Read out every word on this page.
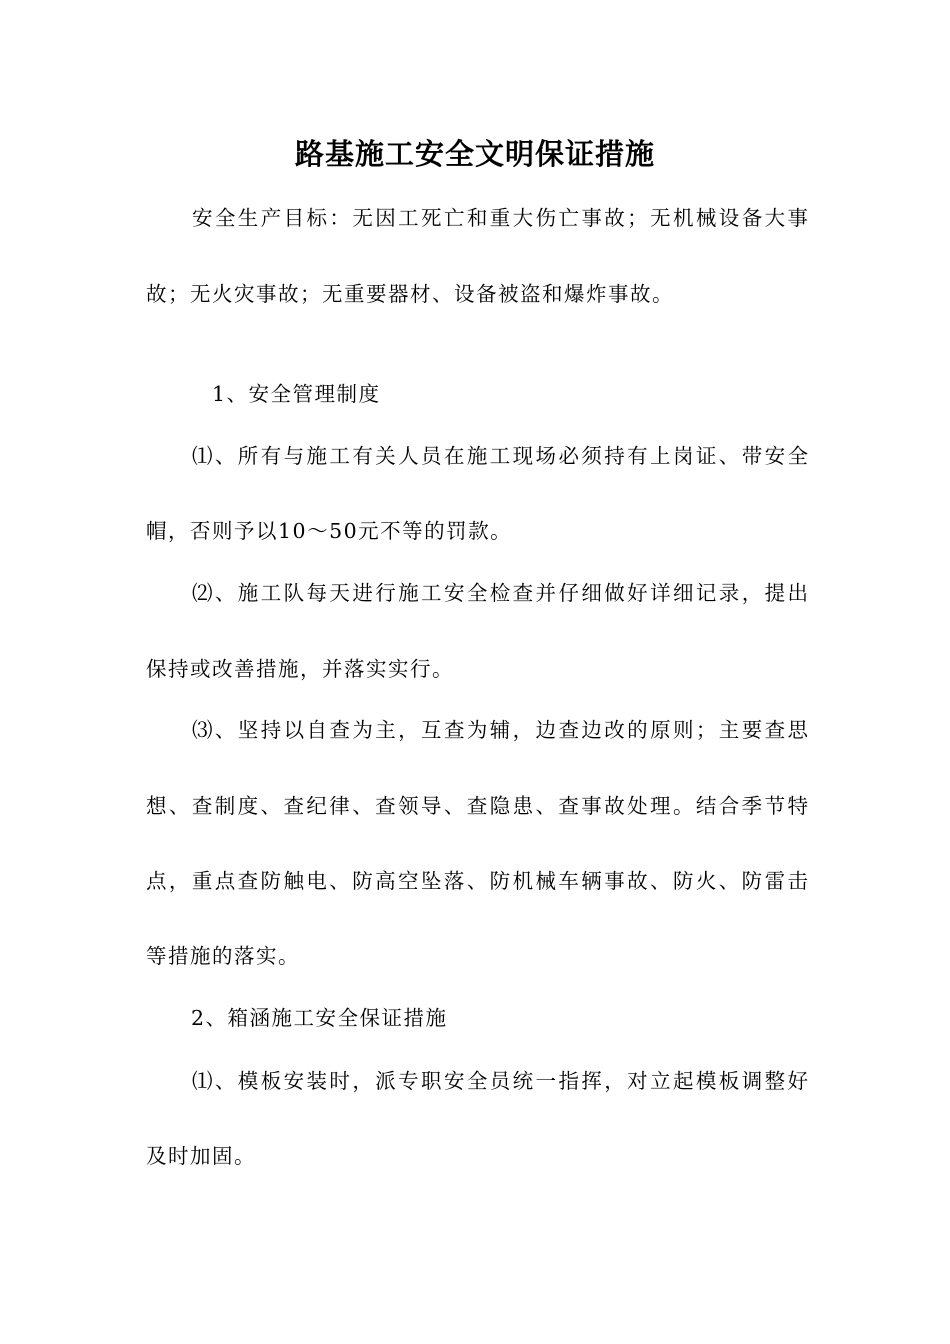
路基施工安全文明保证措施
安全生产目标：无因工死亡和重大伤亡事故；无机械设备大事
故；无火灾事故；无重要器材、设备被盗和爆炸事故。
1、安全管理制度
⑴、所有与施工有关人员在施工现场必须持有上岗证、带安全
帽，否则予以10～50元不等的罚款。
⑵、施工队每天进行施工安全检查并仔细做好详细记录，提出
保持或改善措施，并落实实行。
⑶、坚持以自查为主，互查为辅，边查边改的原则；主要查思
想、查制度、查纪律、查领导、查隐患、查事故处理。结合季节特
点，重点查防触电、防高空坠落、防机械车辆事故、防火、防雷击
等措施的落实。
2、箱涵施工安全保证措施
⑴、模板安装时，派专职安全员统一指挥，对立起模板调整好
及时加固。
